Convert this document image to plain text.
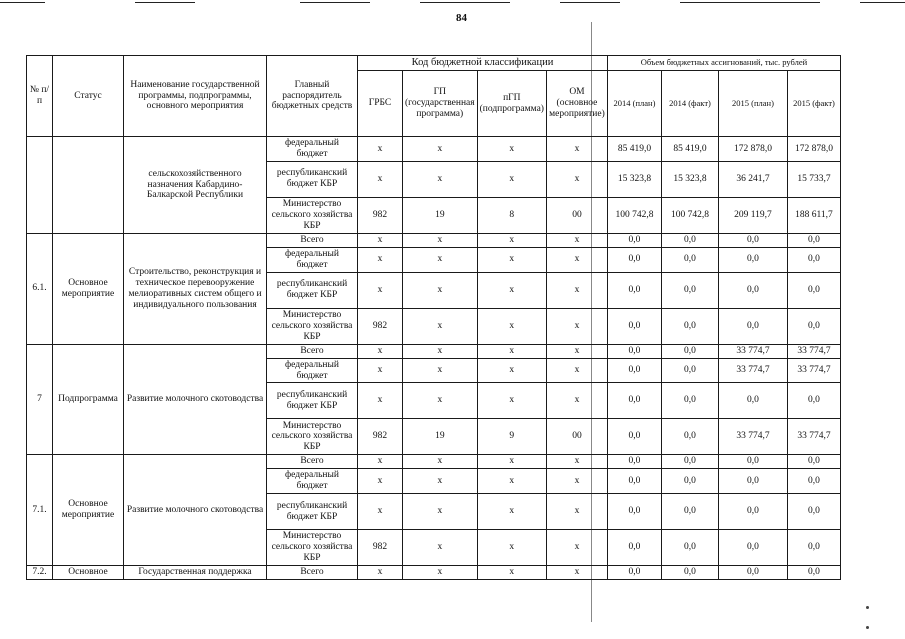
84
№ п/п	Статус	Наименование государственной программы, подпрограммы, основного мероприятия	Главный распорядитель бюджетных средств	Код бюджетной классификации				Объем бюджетных ассигнований, тыс. рублей			
				ГРБС	ГП (государственная программа)	пГП (подпрограмма)	ОМ (основное мероприятие)	2014 (план)	2014 (факт)	2015 (план)	2015 (факт)
		сельскохозяйственного назначения Кабардино-Балкарской Республики	федеральный бюджет	x	x	x	x	85 419,0	85 419,0	172 878,0	172 878,0
			республиканский бюджет КБР	x	x	x	x	15 323,8	15 323,8	36 241,7	15 733,7
			Министерство сельского хозяйства КБР	982	19	8	00	100 742,8	100 742,8	209 119,7	188 611,7
6.1.	Основное мероприятие	Строительство, реконструкция и техническое перевооружение мелиоративных систем общего и индивидуального пользования	Всего	x	x	x	x	0,0	0,0	0,0	0,0
			федеральный бюджет	x	x	x	x	0,0	0,0	0,0	0,0
			республиканский бюджет КБР	x	x	x	x	0,0	0,0	0,0	0,0
			Министерство сельского хозяйства КБР	982	x	x	x	0,0	0,0	0,0	0,0
7	Подпрограмма	Развитие молочного скотоводства	Всего	x	x	x	x	0,0	0,0	33 774,7	33 774,7
			федеральный бюджет	x	x	x	x	0,0	0,0	33 774,7	33 774,7
			республиканский бюджет КБР	x	x	x	x	0,0	0,0	0,0	0,0
			Министерство сельского хозяйства КБР	982	19	9	00	0,0	0,0	33 774,7	33 774,7
7.1.	Основное мероприятие	Развитие молочного скотоводства	Всего	x	x	x	x	0,0	0,0	0,0	0,0
			федеральный бюджет	x	x	x	x	0,0	0,0	0,0	0,0
			республиканский бюджет КБР	x	x	x	x	0,0	0,0	0,0	0,0
			Министерство сельского хозяйства КБР	982	x	x	x	0,0	0,0	0,0	0,0
7.2.	Основное	Государственная поддержка	Всего	x	x	x	x	0,0	0,0	0,0	0,0
